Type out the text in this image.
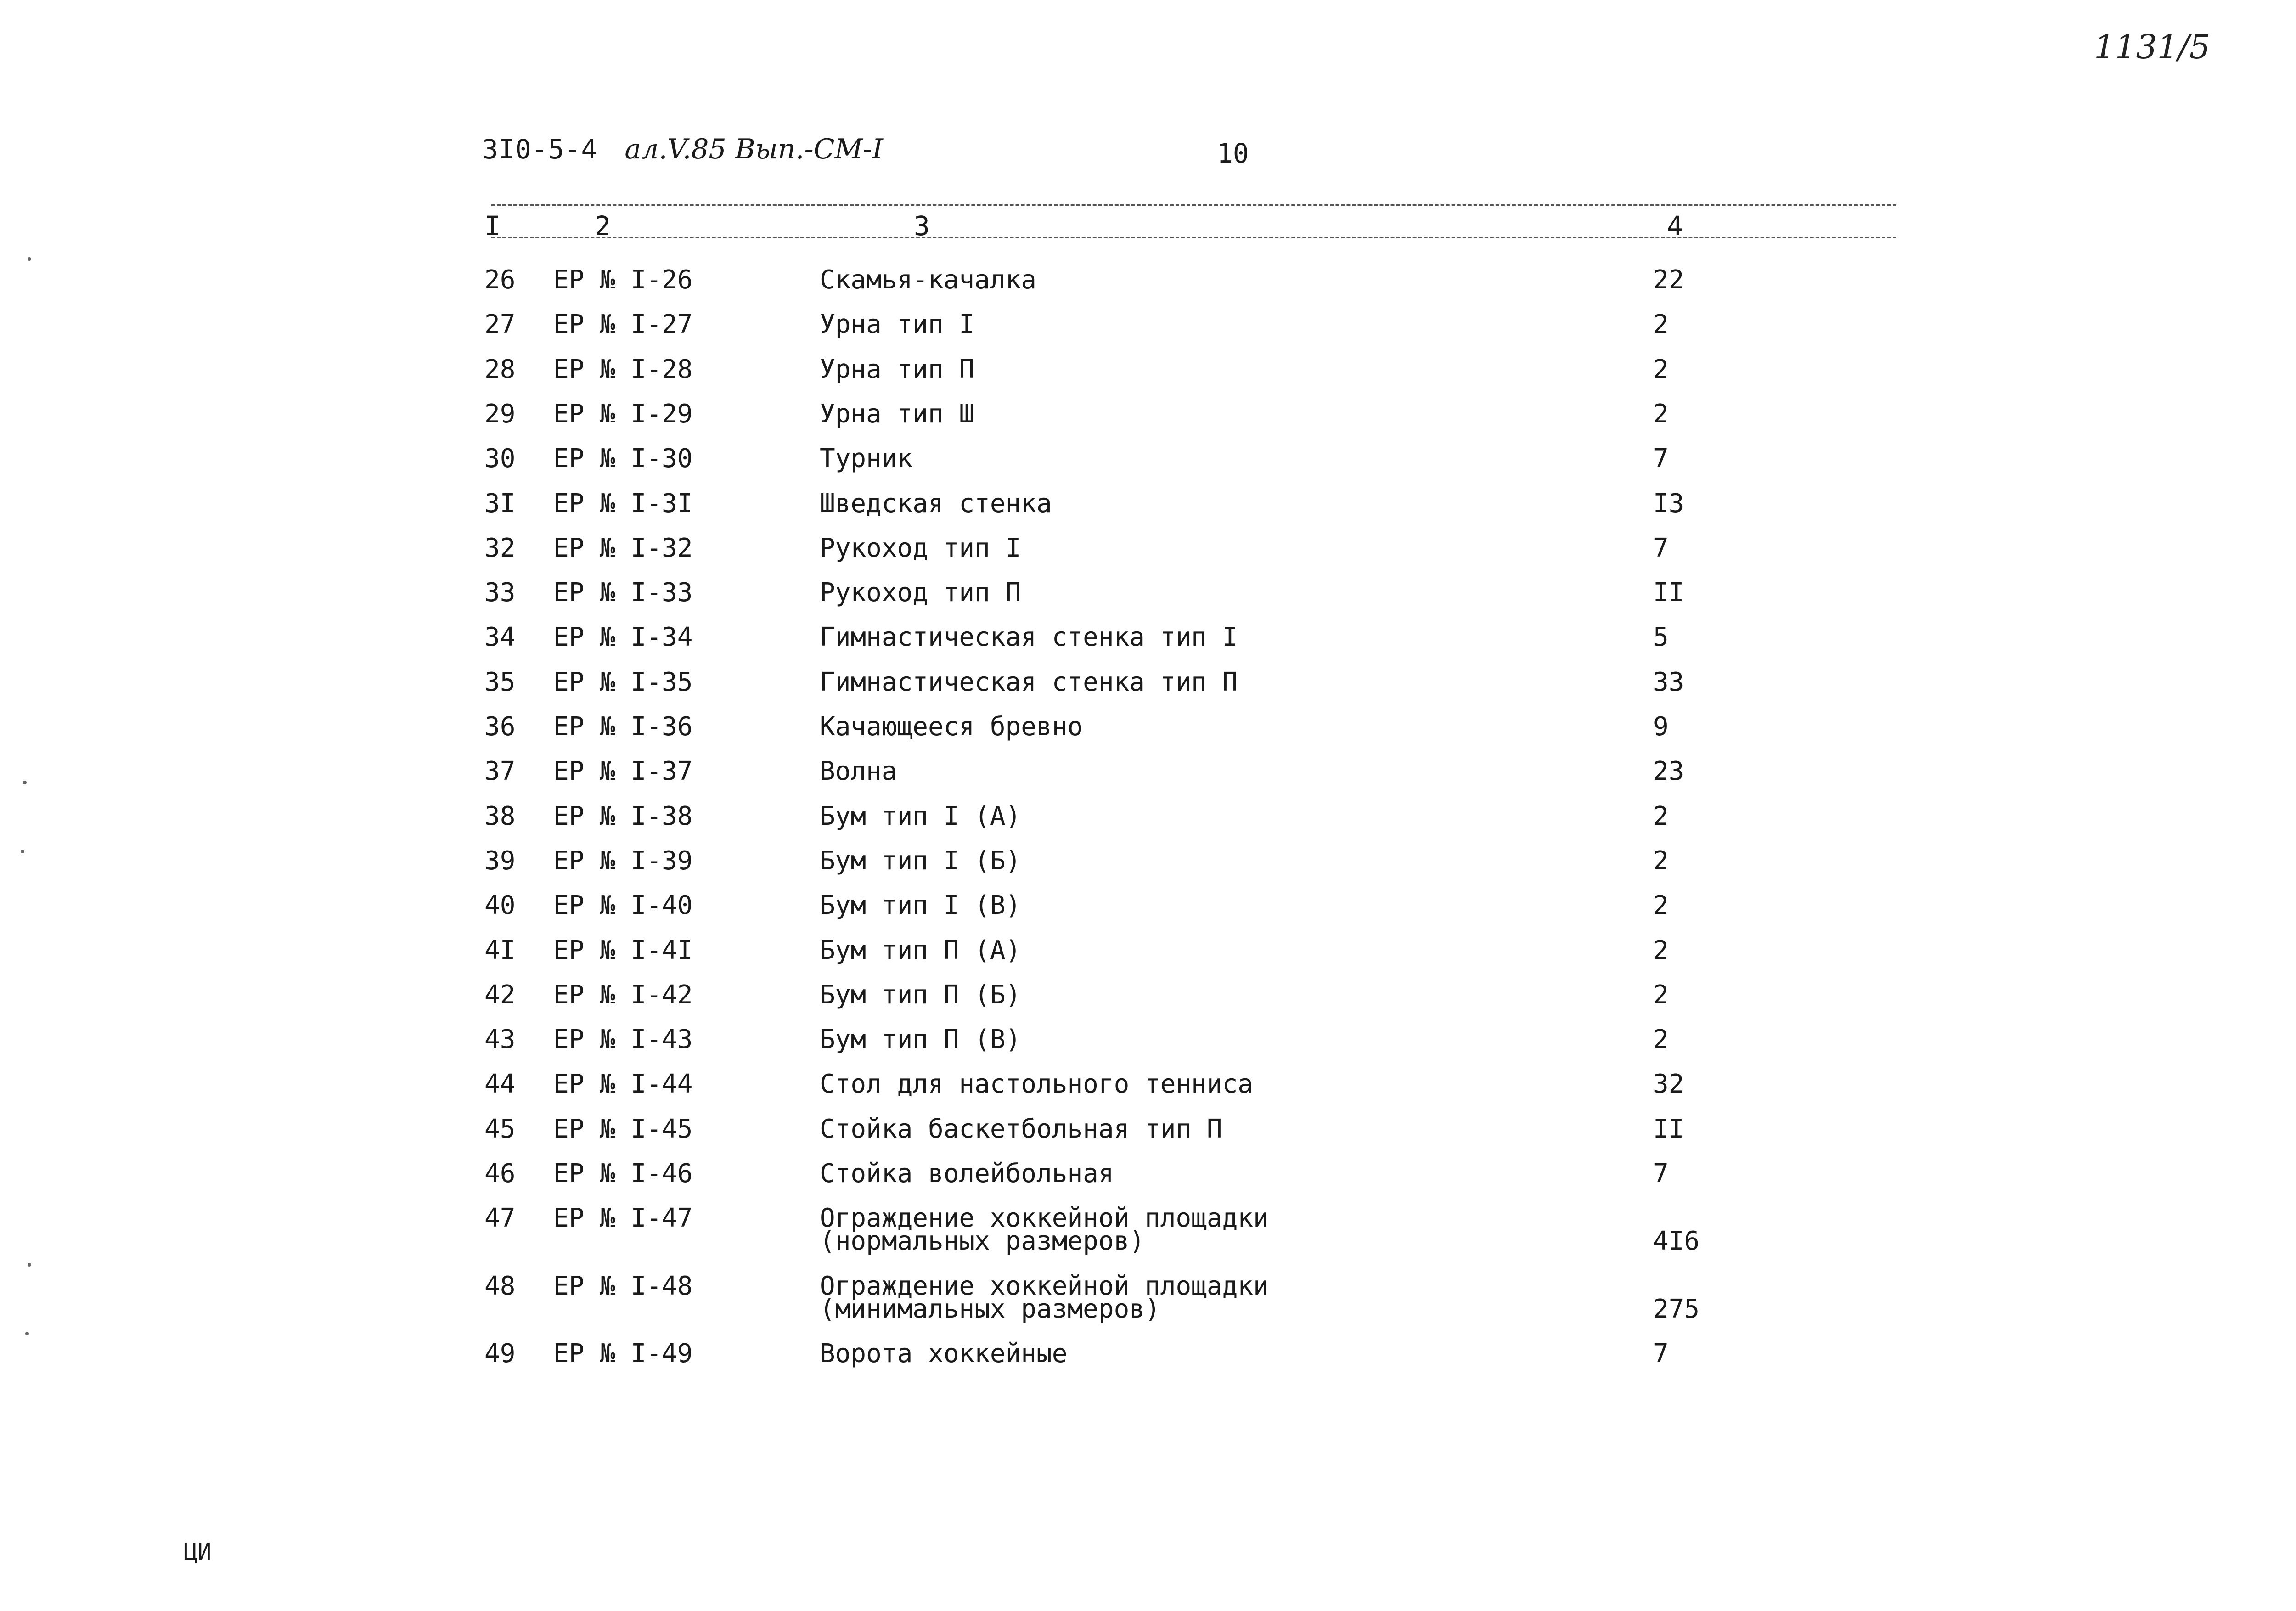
1131/5
3I0-5-4 ал.V.85 Вып.-СМ-I	10
I	2	3	4
26 ЕР № I-26	Скамья-качалка	22
27 ЕР № I-27	Урна тип I	2
28 ЕР № I-28	Урна тип П	2
29 ЕР № I-29	Урна тип Ш	2
30 ЕР № I-30	Турник	7
3I ЕР № I-3I	Шведская стенка	I3
32 ЕР № I-32	Рукоход тип I	7
33 ЕР № I-33	Рукоход тип П	II
34 ЕР № I-34	Гимнастическая стенка тип I	5
35 ЕР № I-35	Гимнастическая стенка тип П	33
36 ЕР № I-36	Качающееся бревно	9
37 ЕР № I-37	Волна	23
38 ЕР № I-38	Бум тип I (А)	2
39 ЕР № I-39	Бум тип I (Б)	2
40 ЕР № I-40	Бум тип I (В)	2
4I ЕР № I-4I	Бум тип П (А)	2
42 ЕР № I-42	Бум тип П (Б)	2
43 ЕР № I-43	Бум тип П (В)	2
44 ЕР № I-44	Стол для настольного тенниса	32
45 ЕР № I-45	Стойка баскетбольная тип П	II
46 ЕР № I-46	Стойка волейбольная	7
47 ЕР № I-47	Ограждение хоккейной площадки
(нормальных размеров)	4I6
48 ЕР № I-48	Ограждение хоккейной площадки
(минимальных размеров)	275
49 ЕР № I-49	Ворота хоккейные	7
ЦИ
